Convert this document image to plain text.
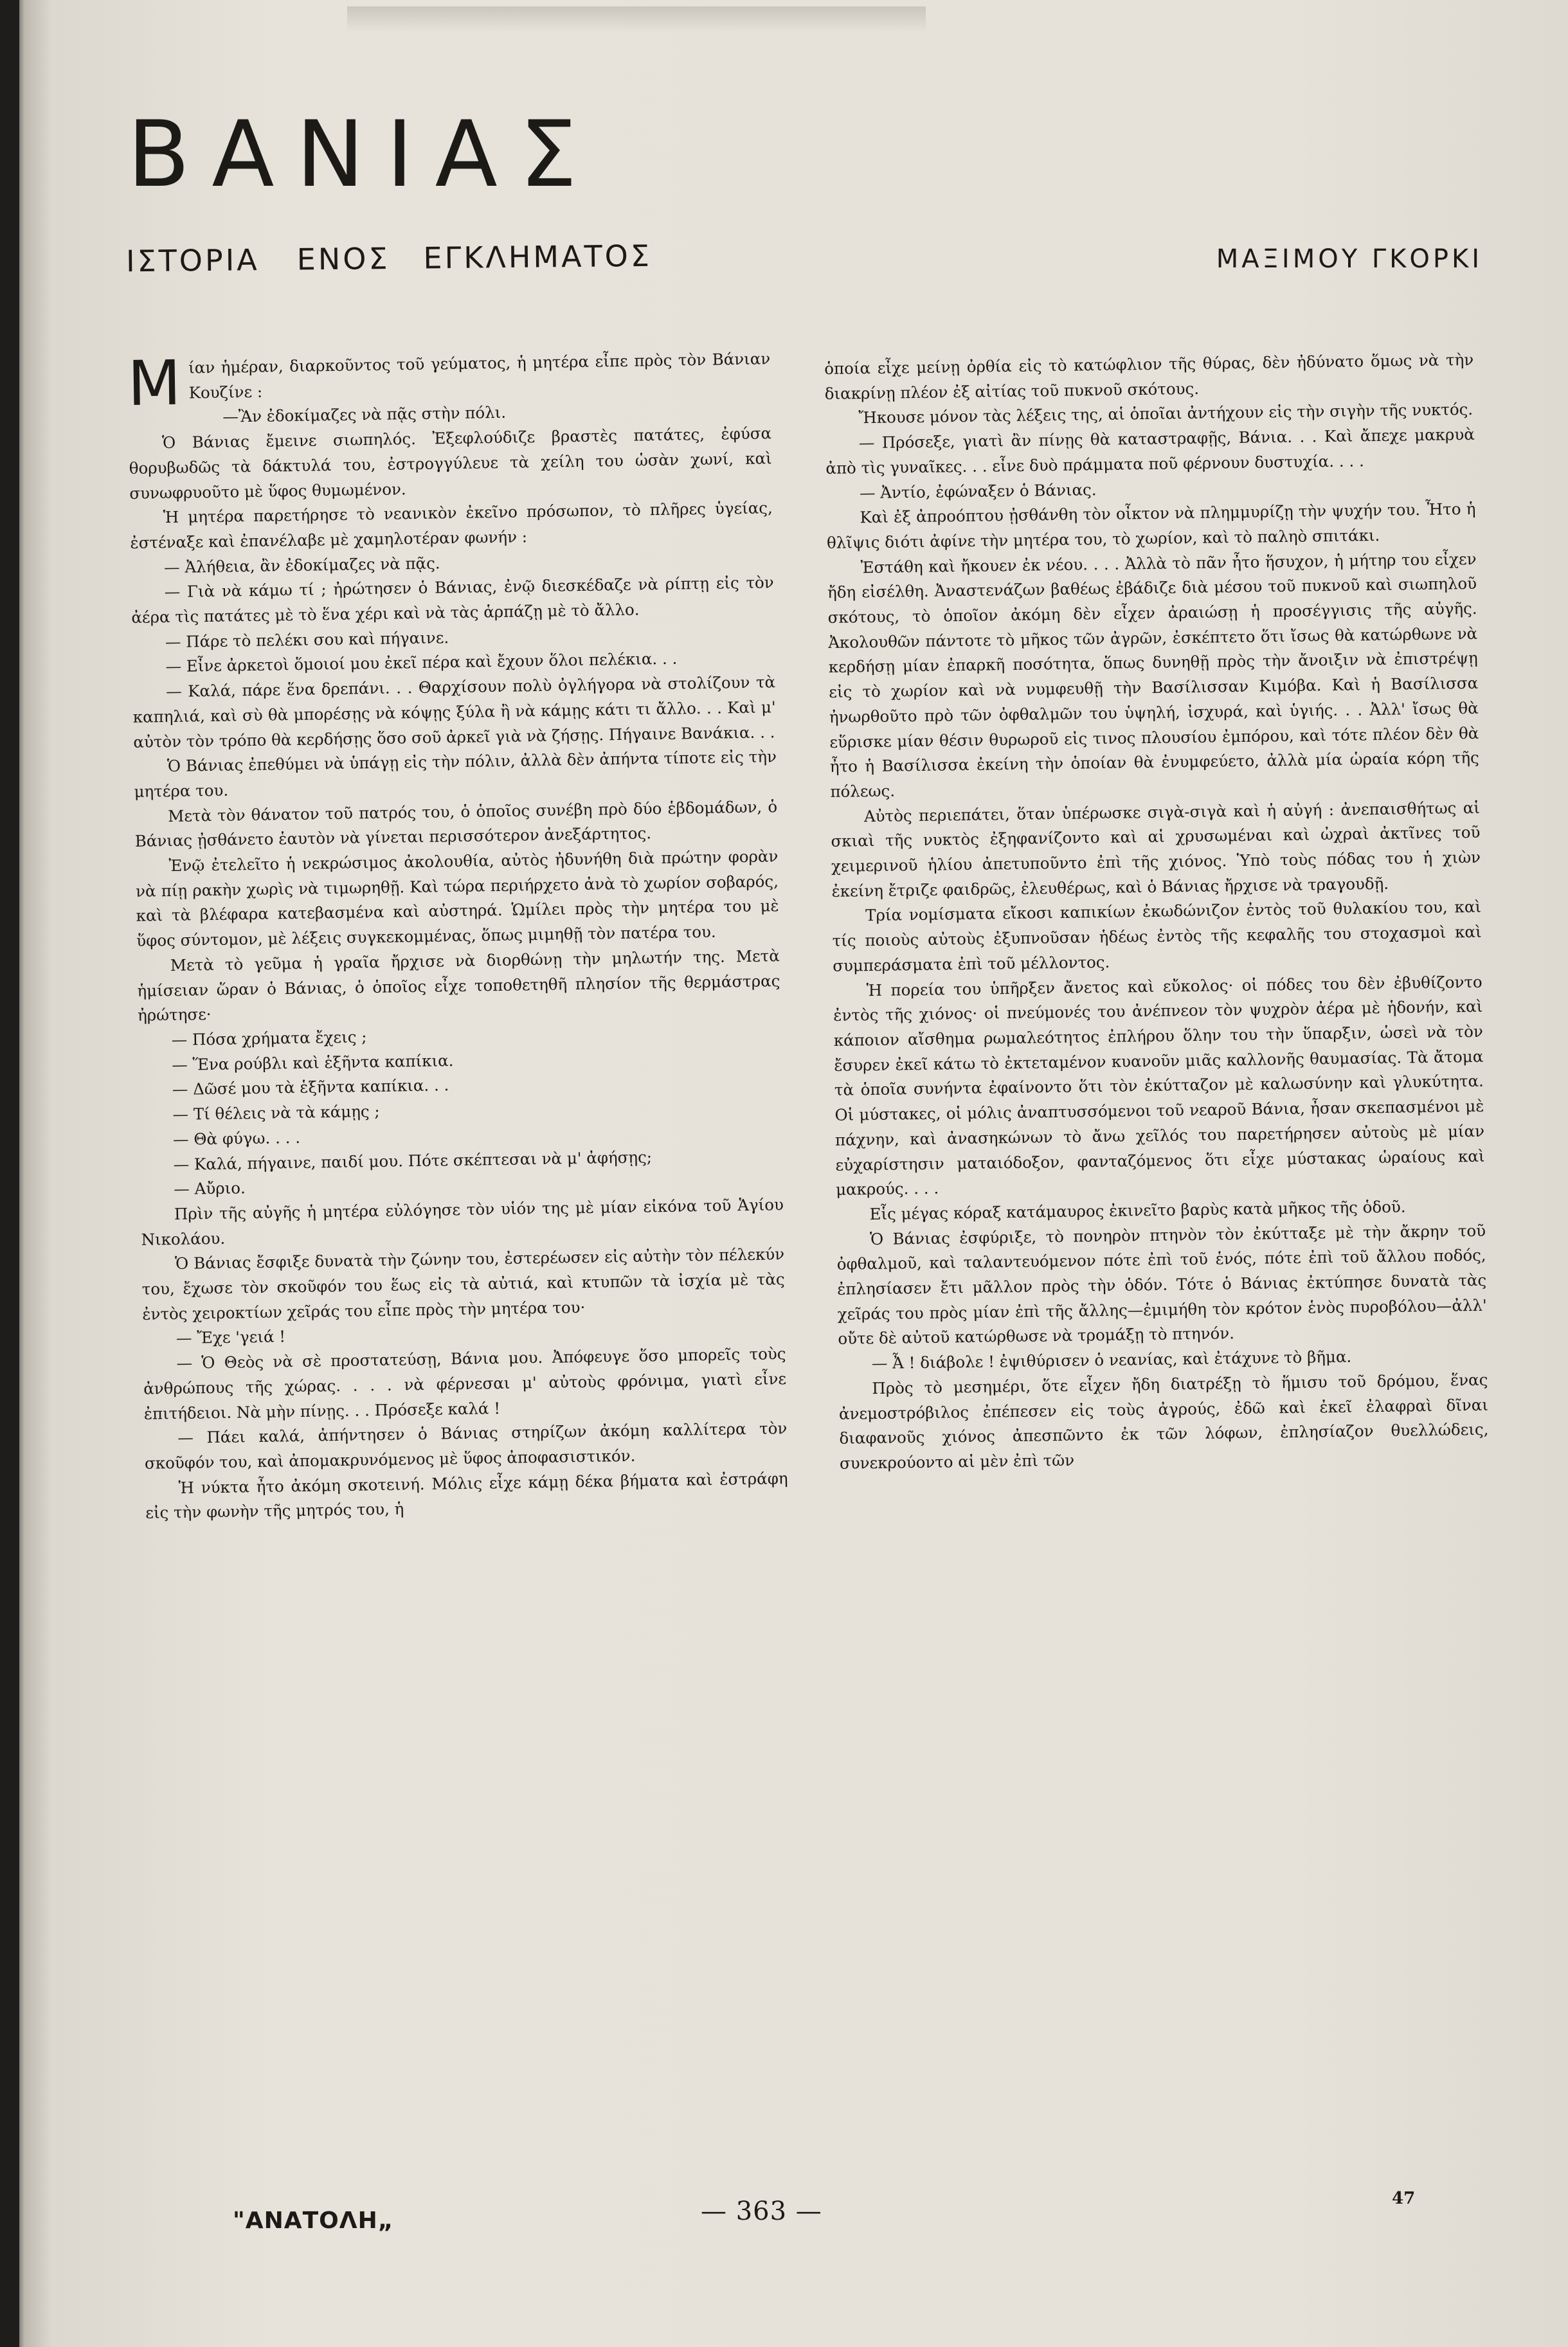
ΒΑΝΙΑΣ
ΙΣΤΟΡΙΑ ΕΝΟΣ ΕΓΚΛΗΜΑΤΟΣ	ΜΑΞΙΜΟΥ ΓΚΟΡΚΙ
Μ ίαν ἡμέραν, διαρκοῦντος τοῦ γεύματος, ἡ μητέρα εἶπε πρὸς τὸν Βάνιαν Κουζίνε :

—Ἂν ἐδοκίμαζες νὰ πᾷς στὴν πόλι.

Ὁ Βάνιας ἔμεινε σιωπηλός. Ἐξεφλούδιζε βραστὲς πατάτες, ἐφύσα θορυβωδῶς τὰ δάκτυλά του, ἐστρογγύλευε τὰ χείλη του ὡσὰν χωνί, καὶ συνωφρυοῦτο μὲ ὕφος θυμωμένον.

Ἡ μητέρα παρετήρησε τὸ νεανικὸν ἐκεῖνο πρόσωπον, τὸ πλῆρες ὑγείας, ἐστέναξε καὶ ἐπανέλαβε μὲ χαμηλοτέραν φωνήν :

— Ἀλήθεια, ἂν ἐδοκίμαζες νὰ πᾷς.

— Γιὰ νὰ κάμω τί ; ἠρώτησεν ὁ Βάνιας, ἐνῷ διεσκέδαζε νὰ ρίπτῃ εἰς τὸν ἀέρα τὶς πατάτες μὲ τὸ ἕνα χέρι καὶ νὰ τὰς ἁρπάζῃ μὲ τὸ ἄλλο.

— Πάρε τὸ πελέκι σου καὶ πήγαινε.

— Εἶνε ἀρκετοὶ ὅμοιοί μου ἐκεῖ πέρα καὶ ἔχουν ὅλοι πελέκια. . .

— Καλά, πάρε ἕνα δρεπάνι. . . Θαρχίσουν πολὺ ὀγλήγορα νὰ στολίζουν τὰ καπηλιά, καὶ σὺ θὰ μπορέσῃς νὰ κόψῃς ξύλα ἢ νὰ κάμῃς κάτι τι ἄλλο. . . Καὶ μ' αὐτὸν τὸν τρόπο θὰ κερδήσῃς ὅσο σοῦ ἀρκεῖ γιὰ νὰ ζήσῃς. Πήγαινε Βανάκια. . .

Ὁ Βάνιας ἐπεθύμει νὰ ὑπάγῃ εἰς τὴν πόλιν, ἀλλὰ δὲν ἀπήντα τίποτε εἰς τὴν μητέρα του.

Μετὰ τὸν θάνατον τοῦ πατρός του, ὁ ὁποῖος συνέβη πρὸ δύο ἑβδομάδων, ὁ Βάνιας ᾐσθάνετο ἑαυτὸν νὰ γίνεται περισσότερον ἀνεξάρτητος.

Ἐνῷ ἐτελεῖτο ἡ νεκρώσιμος ἀκολουθία, αὐτὸς ἠδυνήθη διὰ πρώτην φορὰν νὰ πίῃ ρακὴν χωρὶς νὰ τιμωρηθῇ. Καὶ τώρα περιήρχετο ἀνὰ τὸ χωρίον σοβαρός, καὶ τὰ βλέφαρα κατεβασμένα καὶ αὐστηρά. Ὡμίλει πρὸς τὴν μητέρα του μὲ ὕφος σύντομον, μὲ λέξεις συγκεκομμένας, ὅπως μιμηθῇ τὸν πατέρα του.

Μετὰ τὸ γεῦμα ἡ γραῖα ἤρχισε νὰ διορθώνῃ τὴν μηλωτήν της. Μετὰ ἡμίσειαν ὥραν ὁ Βάνιας, ὁ ὁποῖος εἶχε τοποθετηθῆ πλησίον τῆς θερμάστρας ἠρώτησε·

— Πόσα χρήματα ἔχεις ;

— Ἕνα ρούβλι καὶ ἑξῆντα καπίκια.

— Δῶσέ μου τὰ ἑξῆντα καπίκια. . .

— Τί θέλεις νὰ τὰ κάμῃς ;

— Θὰ φύγω. . . .

— Καλά, πήγαινε, παιδί μου. Πότε σκέπτεσαι νὰ μ' ἀφήσῃς;

— Αὔριο.

Πρὶν τῆς αὐγῆς ἡ μητέρα εὐλόγησε τὸν υἱόν της μὲ μίαν εἰκόνα τοῦ Ἁγίου Νικολάου.

Ὁ Βάνιας ἔσφιξε δυνατὰ τὴν ζώνην του, ἐστερέωσεν εἰς αὐτὴν τὸν πέλεκύν του, ἔχωσε τὸν σκοῦφόν του ἕως εἰς τὰ αὐτιά, καὶ κτυπῶν τὰ ἰσχία μὲ τὰς ἐντὸς χειροκτίων χεῖράς του εἶπε πρὸς τὴν μητέρα του·

— Ἔχε 'γειά !

— Ὁ Θεὸς νὰ σὲ προστατεύσῃ, Βάνια μου. Ἀπόφευγε ὅσο μπορεῖς τοὺς ἀνθρώπους τῆς χώρας. . . . νὰ φέρνεσαι μ' αὐτοὺς φρόνιμα, γιατὶ εἶνε ἐπιτήδειοι. Νὰ μὴν πίνῃς. . . Πρόσεξε καλά !

— Πάει καλά, ἀπήντησεν ὁ Βάνιας στηρίζων ἀκόμη καλλίτερα τὸν σκοῦφόν του, καὶ ἀπομακρυνόμενος μὲ ὕφος ἀποφασιστικόν.

Ἡ νύκτα ἦτο ἀκόμη σκοτεινή. Μόλις εἶχε κάμῃ δέκα βήματα καὶ ἐστράφη εἰς τὴν φωνὴν τῆς μητρός του, ἡ

ὁποία εἶχε μείνῃ ὀρθία εἰς τὸ κατώφλιον τῆς θύρας, δὲν ἠδύνατο ὅμως νὰ τὴν διακρίνῃ πλέον ἐξ αἰτίας τοῦ πυκνοῦ σκότους.

Ἤκουσε μόνον τὰς λέξεις της, αἱ ὁποῖαι ἀντήχουν εἰς τὴν σιγὴν τῆς νυκτός.

— Πρόσεξε, γιατὶ ἂν πίνῃς θὰ καταστραφῇς, Βάνια. . . Καὶ ἄπεχε μακρυὰ ἀπὸ τὶς γυναῖκες. . . εἶνε δυὸ πράμματα ποῦ φέρνουν δυστυχία. . . .

— Ἀντίο, ἐφώναξεν ὁ Βάνιας.

Καὶ ἐξ ἀπροόπτου ᾐσθάνθη τὸν οἶκτον νὰ πλημμυρίζῃ τὴν ψυχήν του. Ἦτο ἡ θλῖψις διότι ἀφίνε τὴν μητέρα του, τὸ χωρίον, καὶ τὸ παληὸ σπιτάκι.

Ἐστάθη καὶ ἤκουεν ἐκ νέου. . . . Ἀλλὰ τὸ πᾶν ἦτο ἥσυχον, ἡ μήτηρ του εἶχεν ἤδη εἰσέλθη. Ἀναστενάζων βαθέως ἐβάδιζε διὰ μέσου τοῦ πυκνοῦ καὶ σιωπηλοῦ σκότους, τὸ ὁποῖον ἀκόμη δὲν εἶχεν ἀραιώσῃ ἡ προσέγγισις τῆς αὐγῆς. Ἀκολουθῶν πάντοτε τὸ μῆκος τῶν ἀγρῶν, ἐσκέπτετο ὅτι ἴσως θὰ κατώρθωνε νὰ κερδήσῃ μίαν ἐπαρκῆ ποσότητα, ὅπως δυνηθῇ πρὸς τὴν ἄνοιξιν νὰ ἐπιστρέψῃ εἰς τὸ χωρίον καὶ νὰ νυμφευθῇ τὴν Βασίλισσαν Κιμόβα. Καὶ ἡ Βασίλισσα ἠνωρθοῦτο πρὸ τῶν ὀφθαλμῶν του ὑψηλή, ἰσχυρά, καὶ ὑγιής. . . Ἀλλ' ἴσως θὰ εὕρισκε μίαν θέσιν θυρωροῦ εἰς τινος πλουσίου ἐμπόρου, καὶ τότε πλέον δὲν θὰ ἦτο ἡ Βασίλισσα ἐκείνη τὴν ὁποίαν θὰ ἐνυμφεύετο, ἀλλὰ μία ὡραία κόρη τῆς πόλεως.

Αὐτὸς περιεπάτει, ὅταν ὑπέρωσκε σιγὰ-σιγὰ καὶ ἡ αὐγή : ἀνεπαισθήτως αἱ σκιαὶ τῆς νυκτὸς ἐξηφανίζοντο καὶ αἱ χρυσωμέναι καὶ ὠχραὶ ἀκτῖνες τοῦ χειμερινοῦ ἡλίου ἀπετυποῦντο ἐπὶ τῆς χιόνος. Ὑπὸ τοὺς πόδας του ἡ χιὼν ἐκείνη ἔτριζε φαιδρῶς, ἐλευθέρως, καὶ ὁ Βάνιας ἤρχισε νὰ τραγουδῇ.

Τρία νομίσματα εἴκοσι καπικίων ἐκωδώνιζον ἐντὸς τοῦ θυλακίου του, καὶ τίς ποιοὺς αὐτοὺς ἐξυπνοῦσαν ἡδέως ἐντὸς τῆς κεφαλῆς του στοχασμοὶ καὶ συμπεράσματα ἐπὶ τοῦ μέλλοντος.

Ἡ πορεία του ὑπῆρξεν ἄνετος καὶ εὔκολος· οἱ πόδες του δὲν ἐβυθίζοντο ἐντὸς τῆς χιόνος· οἱ πνεύμονές του ἀνέπνεον τὸν ψυχρὸν ἀέρα μὲ ἡδονήν, καὶ κάποιον αἴσθημα ρωμαλεότητος ἐπλήρου ὅλην του τὴν ὕπαρξιν, ὡσεὶ νὰ τὸν ἔσυρεν ἐκεῖ κάτω τὸ ἐκτεταμένον κυανοῦν μιᾶς καλλονῆς θαυμασίας. Τὰ ἄτομα τὰ ὁποῖα συνήντα ἐφαίνοντο ὅτι τὸν ἐκύτταζον μὲ καλωσύνην καὶ γλυκύτητα. Οἱ μύστακες, οἱ μόλις ἀναπτυσσόμενοι τοῦ νεαροῦ Βάνια, ἦσαν σκεπασμένοι μὲ πάχνην, καὶ ἀνασηκώνων τὸ ἄνω χεῖλός του παρετήρησεν αὐτοὺς μὲ μίαν εὐχαρίστησιν ματαιόδοξον, φανταζόμενος ὅτι εἶχε μύστακας ὡραίους καὶ μακρούς. . . .

Εἷς μέγας κόραξ κατάμαυρος ἐκινεῖτο βαρὺς κατὰ μῆκος τῆς ὁδοῦ.

Ὁ Βάνιας ἐσφύριξε, τὸ πονηρὸν πτηνὸν τὸν ἐκύτταξε μὲ τὴν ἄκρην τοῦ ὀφθαλμοῦ, καὶ ταλαντευόμενον πότε ἐπὶ τοῦ ἑνός, πότε ἐπὶ τοῦ ἄλλου ποδός, ἐπλησίασεν ἔτι μᾶλλον πρὸς τὴν ὁδόν. Τότε ὁ Βάνιας ἐκτύπησε δυνατὰ τὰς χεῖράς του πρὸς μίαν ἐπὶ τῆς ἄλλης—ἐμιμήθη τὸν κρότον ἑνὸς πυροβόλου—ἀλλ' οὔτε δὲ αὐτοῦ κατώρθωσε νὰ τρομάξῃ τὸ πτηνόν.

— Ἆ ! διάβολε ! ἐψιθύρισεν ὁ νεανίας, καὶ ἐτάχυνε τὸ βῆμα.

Πρὸς τὸ μεσημέρι, ὅτε εἶχεν ἤδη διατρέξῃ τὸ ἥμισυ τοῦ δρόμου, ἕνας ἀνεμοστρόβιλος ἐπέπεσεν εἰς τοὺς ἀγρούς, ἐδῶ καὶ ἐκεῖ ἐλαφραὶ δῖναι διαφανοῦς χιόνος ἀπεσπῶντο ἐκ τῶν λόφων, ἐπλησίαζον θυελλώδεις, συνεκρούοντο αἱ μὲν ἐπὶ τῶν

— 363 —
"ΑΝΑΤΟΛΗ„
47
